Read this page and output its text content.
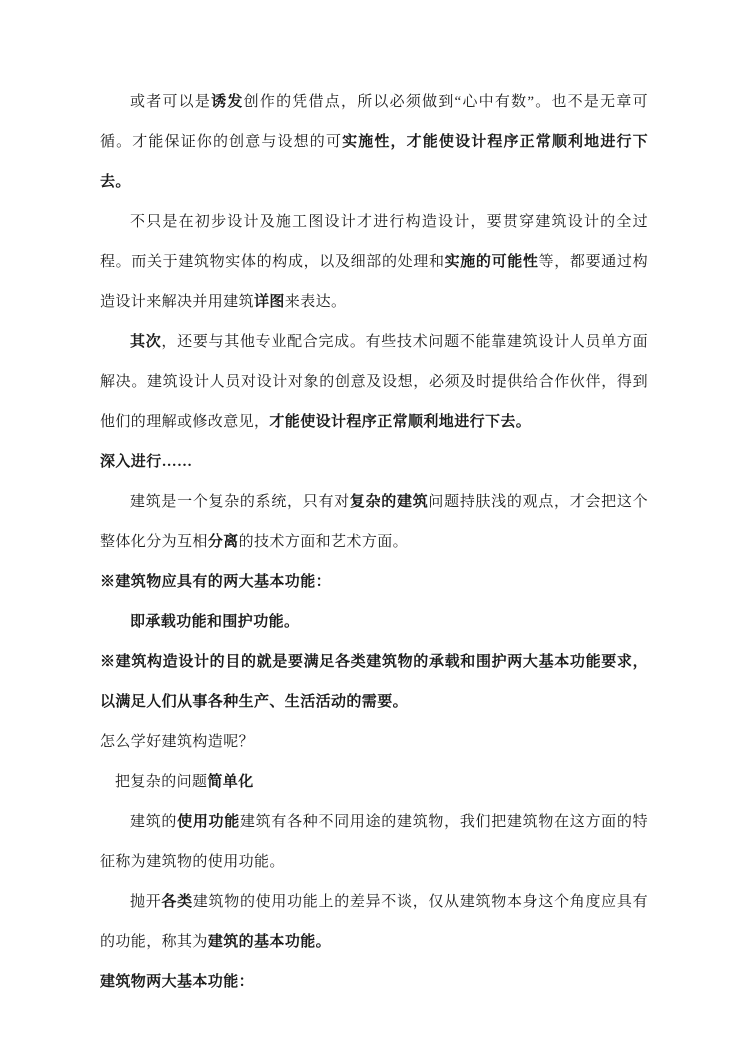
或者可以是诱发创作的凭借点，所以必须做到“心中有数”。也不是无章可循。才能保证你的创意与设想的可实施性，才能使设计程序正常顺利地进行下去。

不只是在初步设计及施工图设计才进行构造设计，要贯穿建筑设计的全过程。而关于建筑物实体的构成，以及细部的处理和实施的可能性等，都要通过构造设计来解决并用建筑详图来表达。

其次，还要与其他专业配合完成。有些技术问题不能靠建筑设计人员单方面解决。建筑设计人员对设计对象的创意及设想，必须及时提供给合作伙伴，得到他们的理解或修改意见，才能使设计程序正常顺利地进行下去。

深入进行……

建筑是一个复杂的系统，只有对复杂的建筑问题持肤浅的观点，才会把这个整体化分为互相分离的技术方面和艺术方面。

※建筑物应具有的两大基本功能：

即承载功能和围护功能。

※建筑构造设计的目的就是要满足各类建筑物的承载和围护两大基本功能要求，以满足人们从事各种生产、生活活动的需要。

怎么学好建筑构造呢？

把复杂的问题简单化

建筑的使用功能建筑有各种不同用途的建筑物，我们把建筑物在这方面的特征称为建筑物的使用功能。

抛开各类建筑物的使用功能上的差异不谈，仅从建筑物本身这个角度应具有的功能，称其为建筑的基本功能。

建筑物两大基本功能：
